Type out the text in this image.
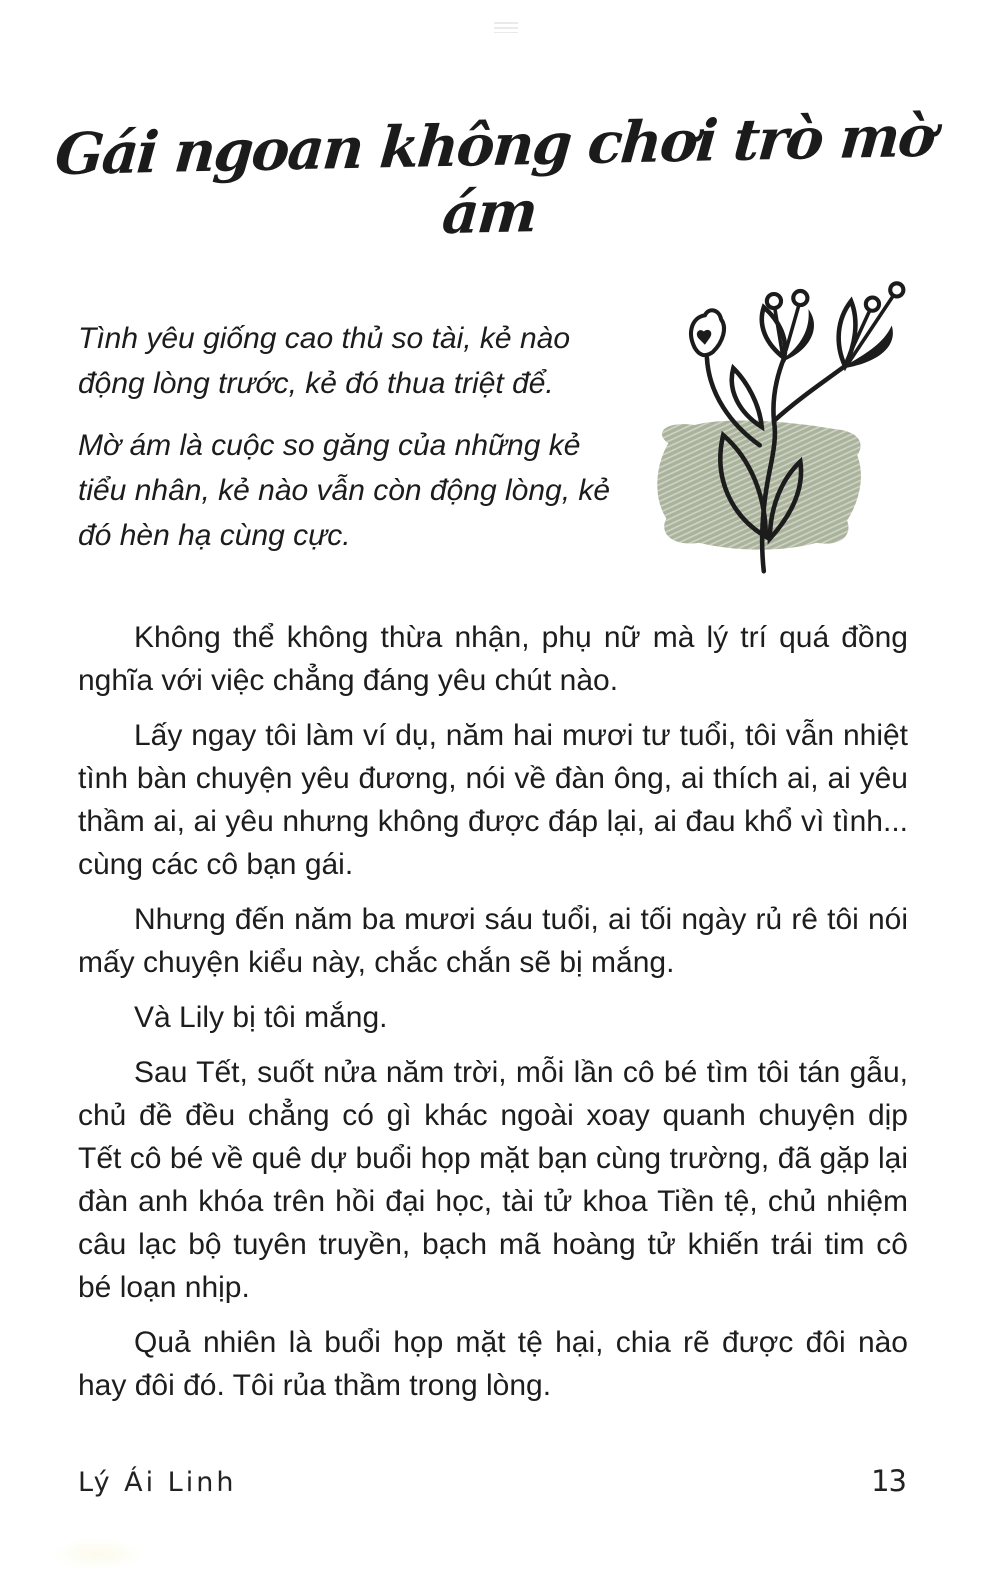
Gái ngoan không chơi trò mờ ám

Tình yêu giống cao thủ so tài, kẻ nào động lòng trước, kẻ đó thua triệt để.

Mờ ám là cuộc so găng của những kẻ tiểu nhân, kẻ nào vẫn còn động lòng, kẻ đó hèn hạ cùng cực.

Không thể không thừa nhận, phụ nữ mà lý trí quá đồng nghĩa với việc chẳng đáng yêu chút nào.

Lấy ngay tôi làm ví dụ, năm hai mươi tư tuổi, tôi vẫn nhiệt tình bàn chuyện yêu đương, nói về đàn ông, ai thích ai, ai yêu thầm ai, ai yêu nhưng không được đáp lại, ai đau khổ vì tình... cùng các cô bạn gái.

Nhưng đến năm ba mươi sáu tuổi, ai tối ngày rủ rê tôi nói mấy chuyện kiểu này, chắc chắn sẽ bị mắng.

Và Lily bị tôi mắng.

Sau Tết, suốt nửa năm trời, mỗi lần cô bé tìm tôi tán gẫu, chủ đề đều chẳng có gì khác ngoài xoay quanh chuyện dịp Tết cô bé về quê dự buổi họp mặt bạn cùng trường, đã gặp lại đàn anh khóa trên hồi đại học, tài tử khoa Tiền tệ, chủ nhiệm câu lạc bộ tuyên truyền, bạch mã hoàng tử khiến trái tim cô bé loạn nhịp.

Quả nhiên là buổi họp mặt tệ hại, chia rẽ được đôi nào hay đôi đó. Tôi rủa thầm trong lòng.

Lý Ái Linh	13
